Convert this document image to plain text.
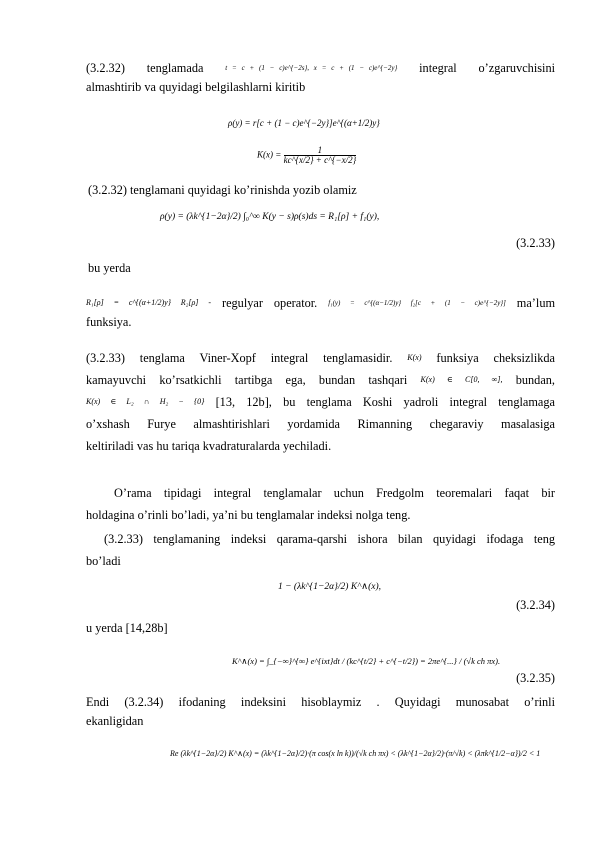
(3.2.32) tenglamada	t = c + (1 − c)e^{−2s}, x = c + (1 − c)e^{−2y} integral o’zgaruvchisini
almashtirib va quyidagi belgilashlarni kiritib
ρ(y) = r[c + (1 − c)e^{−2y}]e^{(α+1/2)y}
$K(x) = \frac{1}{kc\^{}\{x/2\} + c\^{}\{-x/2\}}$
(3.2.32) tenglamani quyidagi ko’rinishda yozib olamiz
ρ(y) = (λk^{1−2α}/2) ∫₀^∞ K(y − s)ρ(s)ds = R₁[ρ] + f₁(y),
(3.2.33)
bu yerda
R₁[ρ] = c^{(α+1/2)y} R₂[ρ] - regulyar operator. f₁(y) = c^{(α−1/2)y} f₂[c + (1 − c)e^{−2y}] ma’lum
funksiya.
(3.2.33) tenglama Viner-Xopf integral tenglamasidir. K(x) funksiya cheksizlikda
kamayuvchi ko’rsatkichli tartibga ega, bundan tashqari K(x) ∈ C[0, ∞], bundan,
K(x) ∈ L₂ ∩ H₂ − {0} [13, 12b], bu tenglama Koshi yadroli integral tenglamaga
o’xshash Furye almashtirishlari yordamida Rimanning chegaraviy masalasiga
keltiriladi vas hu tariqa kvadraturalarda yechiladi.
O’rama tipidagi integral tenglamalar uchun Fredgolm teoremalari faqat bir
holdagina o’rinli bo’ladi, ya’ni bu tenglamalar indeksi nolga teng.
(3.2.33) tenglamaning indeksi qarama-qarshi ishora bilan quyidagi ifodaga teng
bo’ladi
1 − (λk^{1−2α}/2) K^∧(x),
(3.2.34)
u yerda [14,28b]
K^∧(x) = ∫_{−∞}^{∞} e^{ixt}dt / (kc^{t/2} + c^{−t/2}) = 2πe^{...} / (√k ch πx).
(3.2.35)
Endi (3.2.34) ifodaning indeksini hisoblaymiz . Quyidagi munosabat o’rinli
ekanligidan
Re (λk^{1−2α}/2) K^∧(x) = (λk^{1−2α}/2)·(π cos(x ln k))/(√k ch πx) < (λk^{1−2α}/2)·(π/√k) < (λπk^{1/2−α})/2 < 1
